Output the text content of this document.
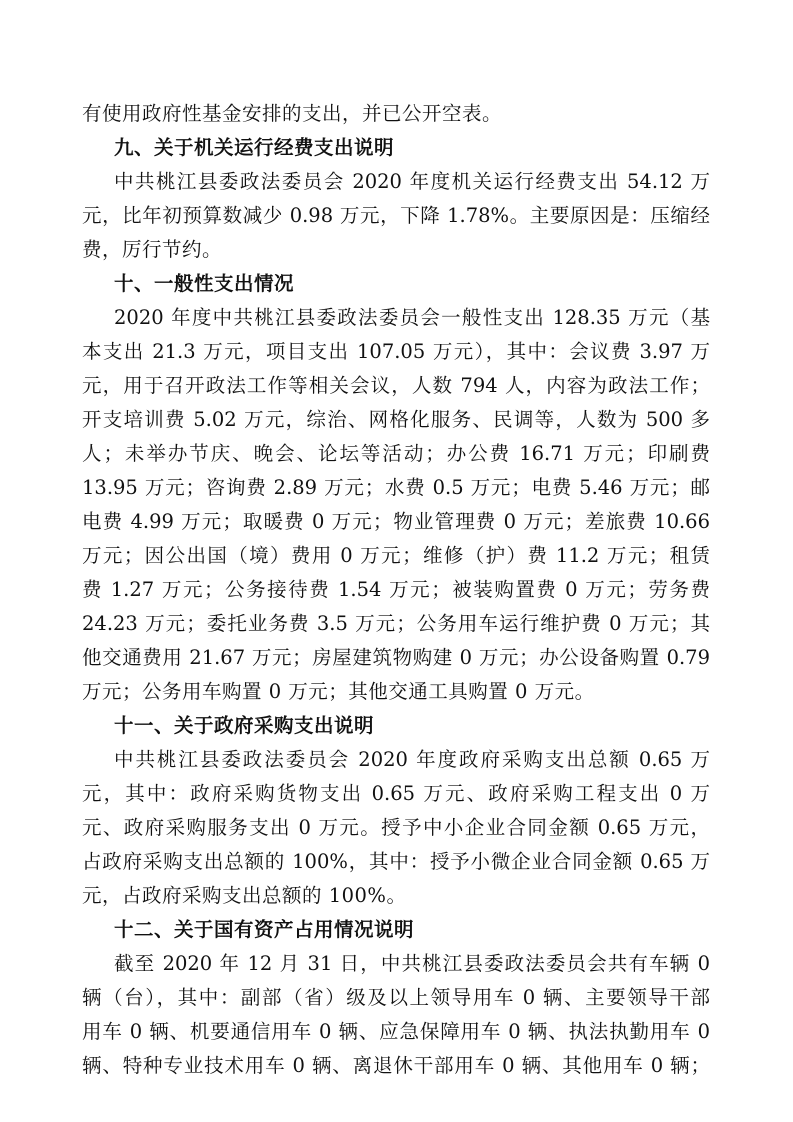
有使用政府性基金安排的支出，并已公开空表。
九、关于机关运行经费支出说明
中共桃江县委政法委员会 2020 年度机关运行经费支出 54.12 万
元，比年初预算数减少 0.98 万元，下降 1.78%。主要原因是：压缩经
费，厉行节约。
十、一般性支出情况
2020 年度中共桃江县委政法委员会一般性支出 128.35 万元（基
本支出 21.3 万元，项目支出 107.05 万元），其中：会议费 3.97 万
元，用于召开政法工作等相关会议，人数 794 人，内容为政法工作；
开支培训费 5.02 万元，综治、网格化服务、民调等，人数为 500 多
人；未举办节庆、晚会、论坛等活动；办公费 16.71 万元；印刷费
13.95 万元；咨询费 2.89 万元；水费 0.5 万元；电费 5.46 万元；邮
电费 4.99 万元；取暖费 0 万元；物业管理费 0 万元；差旅费 10.66
万元；因公出国（境）费用 0 万元；维修（护）费 11.2 万元；租赁
费 1.27 万元；公务接待费 1.54 万元；被装购置费 0 万元；劳务费
24.23 万元；委托业务费 3.5 万元；公务用车运行维护费 0 万元；其
他交通费用 21.67 万元；房屋建筑物购建 0 万元；办公设备购置 0.79
万元；公务用车购置 0 万元；其他交通工具购置 0 万元。
十一、关于政府采购支出说明
中共桃江县委政法委员会 2020 年度政府采购支出总额 0.65 万
元，其中：政府采购货物支出 0.65 万元、政府采购工程支出 0 万
元、政府采购服务支出 0 万元。授予中小企业合同金额 0.65 万元，
占政府采购支出总额的 100%，其中：授予小微企业合同金额 0.65 万
元，占政府采购支出总额的 100%。
十二、关于国有资产占用情况说明
截至 2020 年 12 月 31 日，中共桃江县委政法委员会共有车辆 0
辆（台），其中：副部（省）级及以上领导用车 0 辆、主要领导干部
用车 0 辆、机要通信用车 0 辆、应急保障用车 0 辆、执法执勤用车 0
辆、特种专业技术用车 0 辆、离退休干部用车 0 辆、其他用车 0 辆；
